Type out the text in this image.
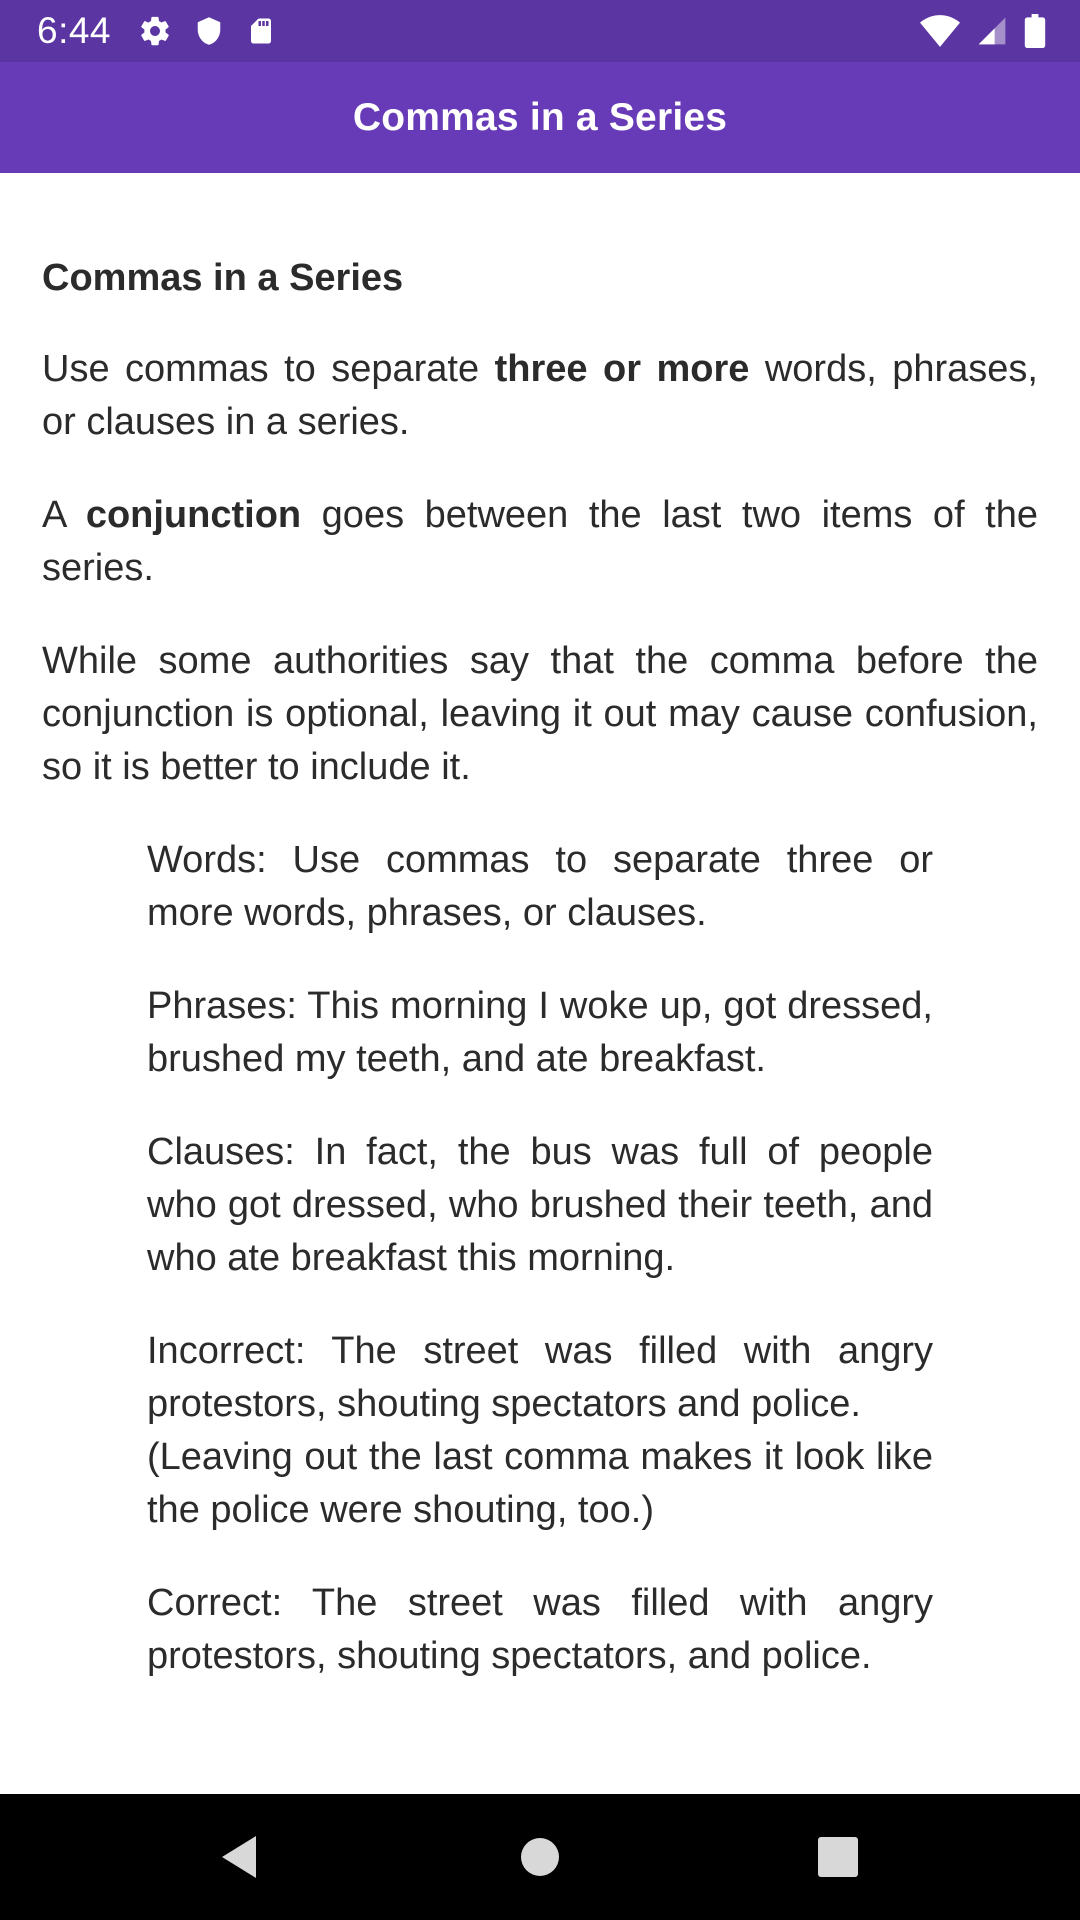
6:44
Commas in a Series
Commas in a Series

Use commas to separate three or more words, phrases, or clauses in a series.

A conjunction goes between the last two items of the series.

While some authorities say that the comma before the conjunction is optional, leaving it out may cause confusion, so it is better to include it.

Words: Use commas to separate three or more words, phrases, or clauses.

Phrases: This morning I woke up, got dressed, brushed my teeth, and ate breakfast.

Clauses: In fact, the bus was full of people who got dressed, who brushed their teeth, and who ate breakfast this morning.

Incorrect: The street was filled with angry protestors, shouting spectators and police.
(Leaving out the last comma makes it look like the police were shouting, too.)

Correct: The street was filled with angry protestors, shouting spectators, and police.
